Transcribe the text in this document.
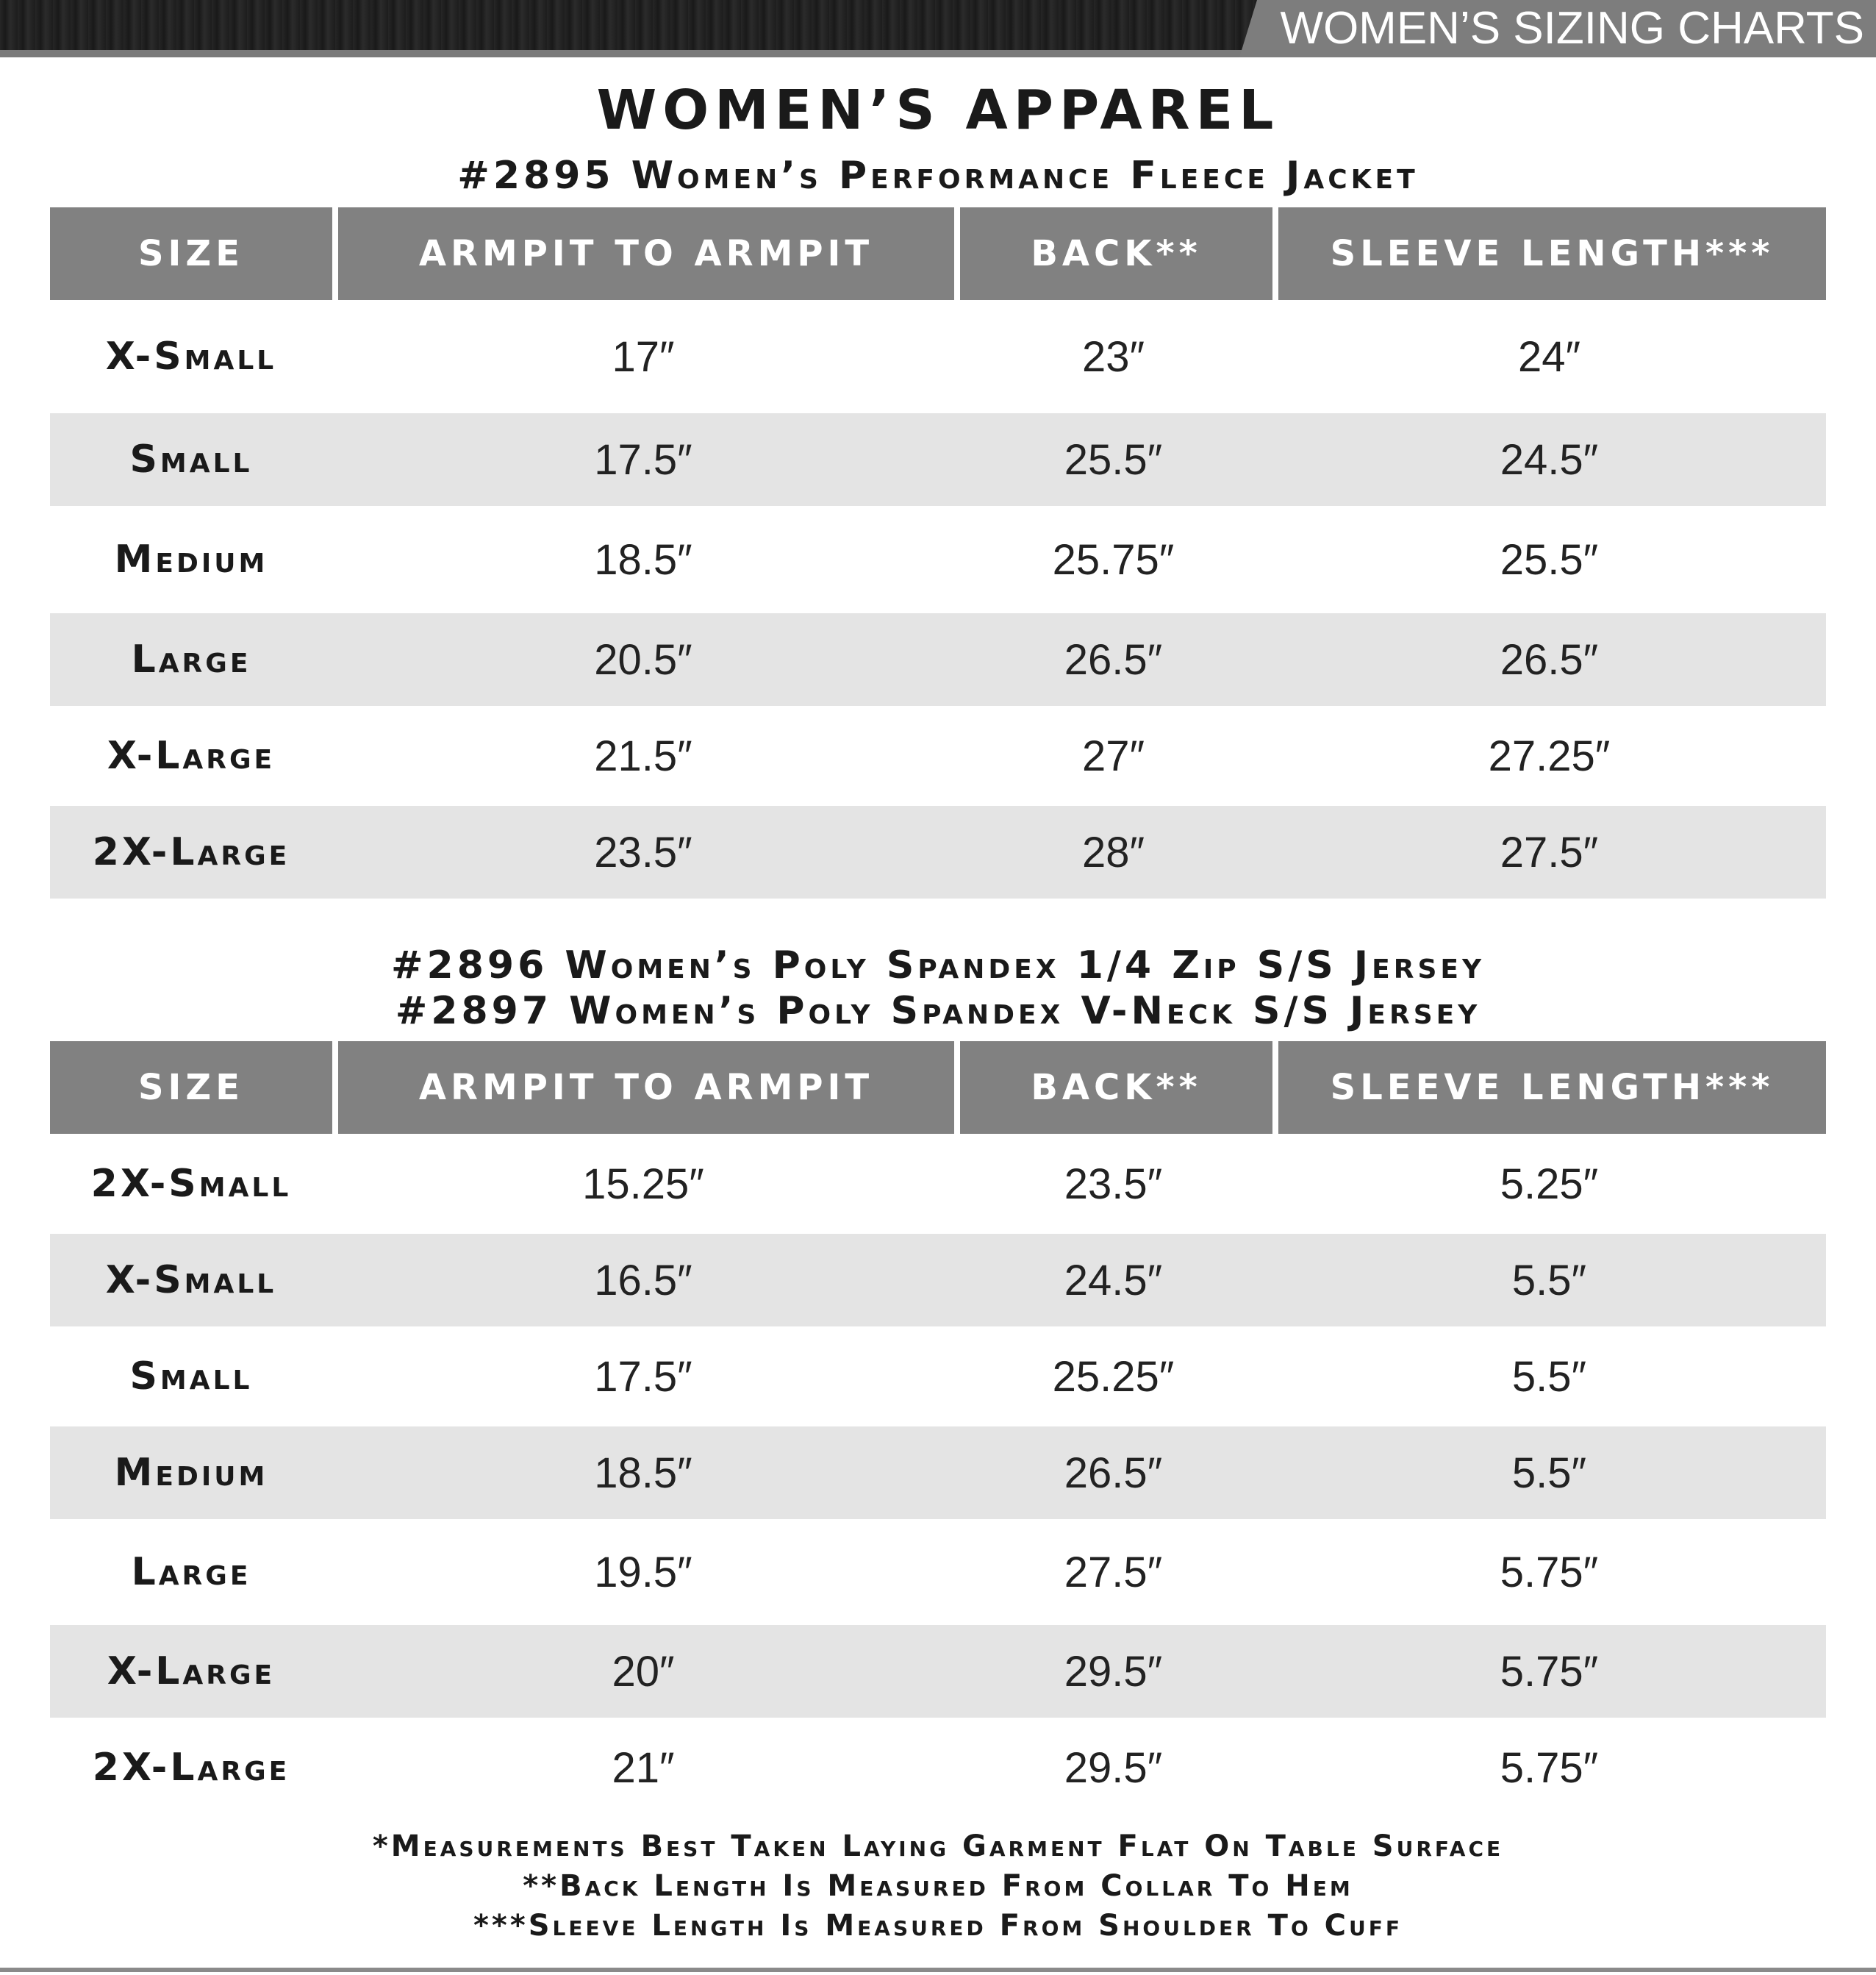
WOMEN’S SIZING CHARTS
WOMEN’S APPAREL
#2895 Women’s Performance Fleece Jacket
SIZE	ARMPIT TO ARMPIT	BACK**	SLEEVE LENGTH***
X-Small	17″	23″	24″
Small	17.5″	25.5″	24.5″
Medium	18.5″	25.75″	25.5″
Large	20.5″	26.5″	26.5″
X-Large	21.5″	27″	27.25″
2X-Large	23.5″	28″	27.5″
#2896 Women’s Poly Spandex 1/4 Zip S/S Jersey
#2897 Women’s Poly Spandex V-Neck S/S Jersey
SIZE	ARMPIT TO ARMPIT	BACK**	SLEEVE LENGTH***
2X-Small	15.25″	23.5″	5.25″
X-Small	16.5″	24.5″	5.5″
Small	17.5″	25.25″	5.5″
Medium	18.5″	26.5″	5.5″
Large	19.5″	27.5″	5.75″
X-Large	20″	29.5″	5.75″
2X-Large	21″	29.5″	5.75″
*Measurements Best Taken Laying Garment Flat On Table Surface
**Back Length Is Measured From Collar To Hem
***Sleeve Length Is Measured From Shoulder To Cuff
